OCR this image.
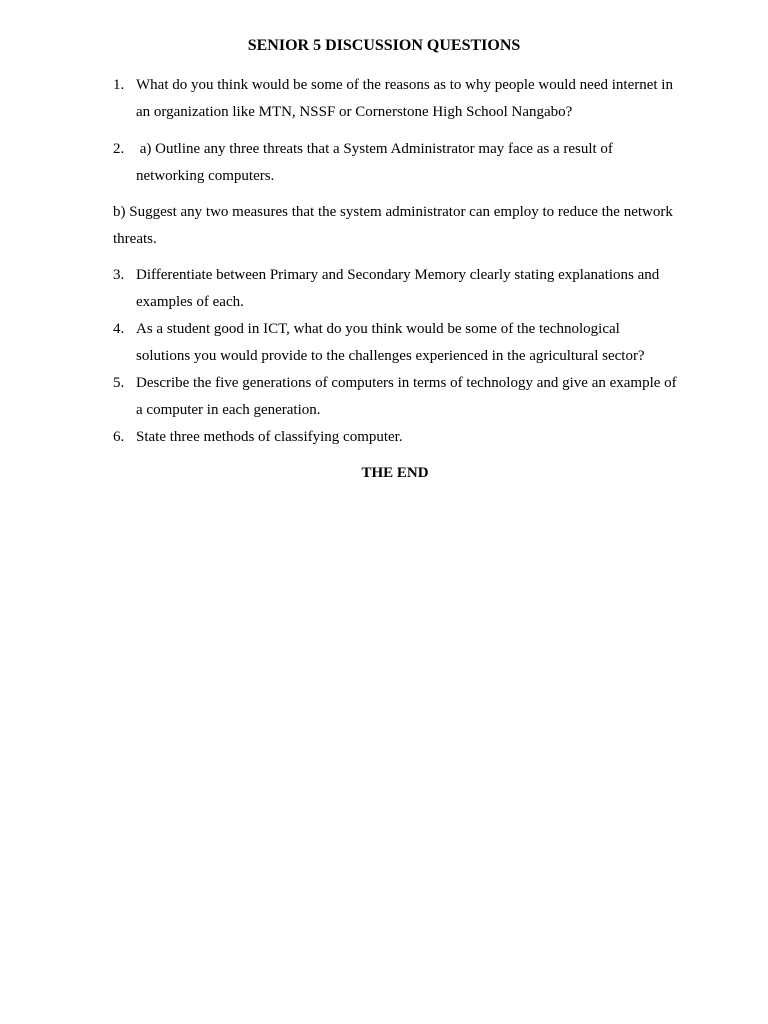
SENIOR 5 DISCUSSION QUESTIONS
1. What do you think would be some of the reasons as to why people would need internet in an organization like MTN, NSSF or Cornerstone High School Nangabo?
2. a) Outline any three threats that a System Administrator may face as a result of networking computers.
b) Suggest any two measures that the system administrator can employ to reduce the network threats.
3. Differentiate between Primary and Secondary Memory clearly stating explanations and examples of each.
4. As a student good in ICT, what do you think would be some of the technological solutions you would provide to the challenges experienced in the agricultural sector?
5. Describe the five generations of computers in terms of technology and give an example of a computer in each generation.
6. State three methods of classifying computer.
THE END
